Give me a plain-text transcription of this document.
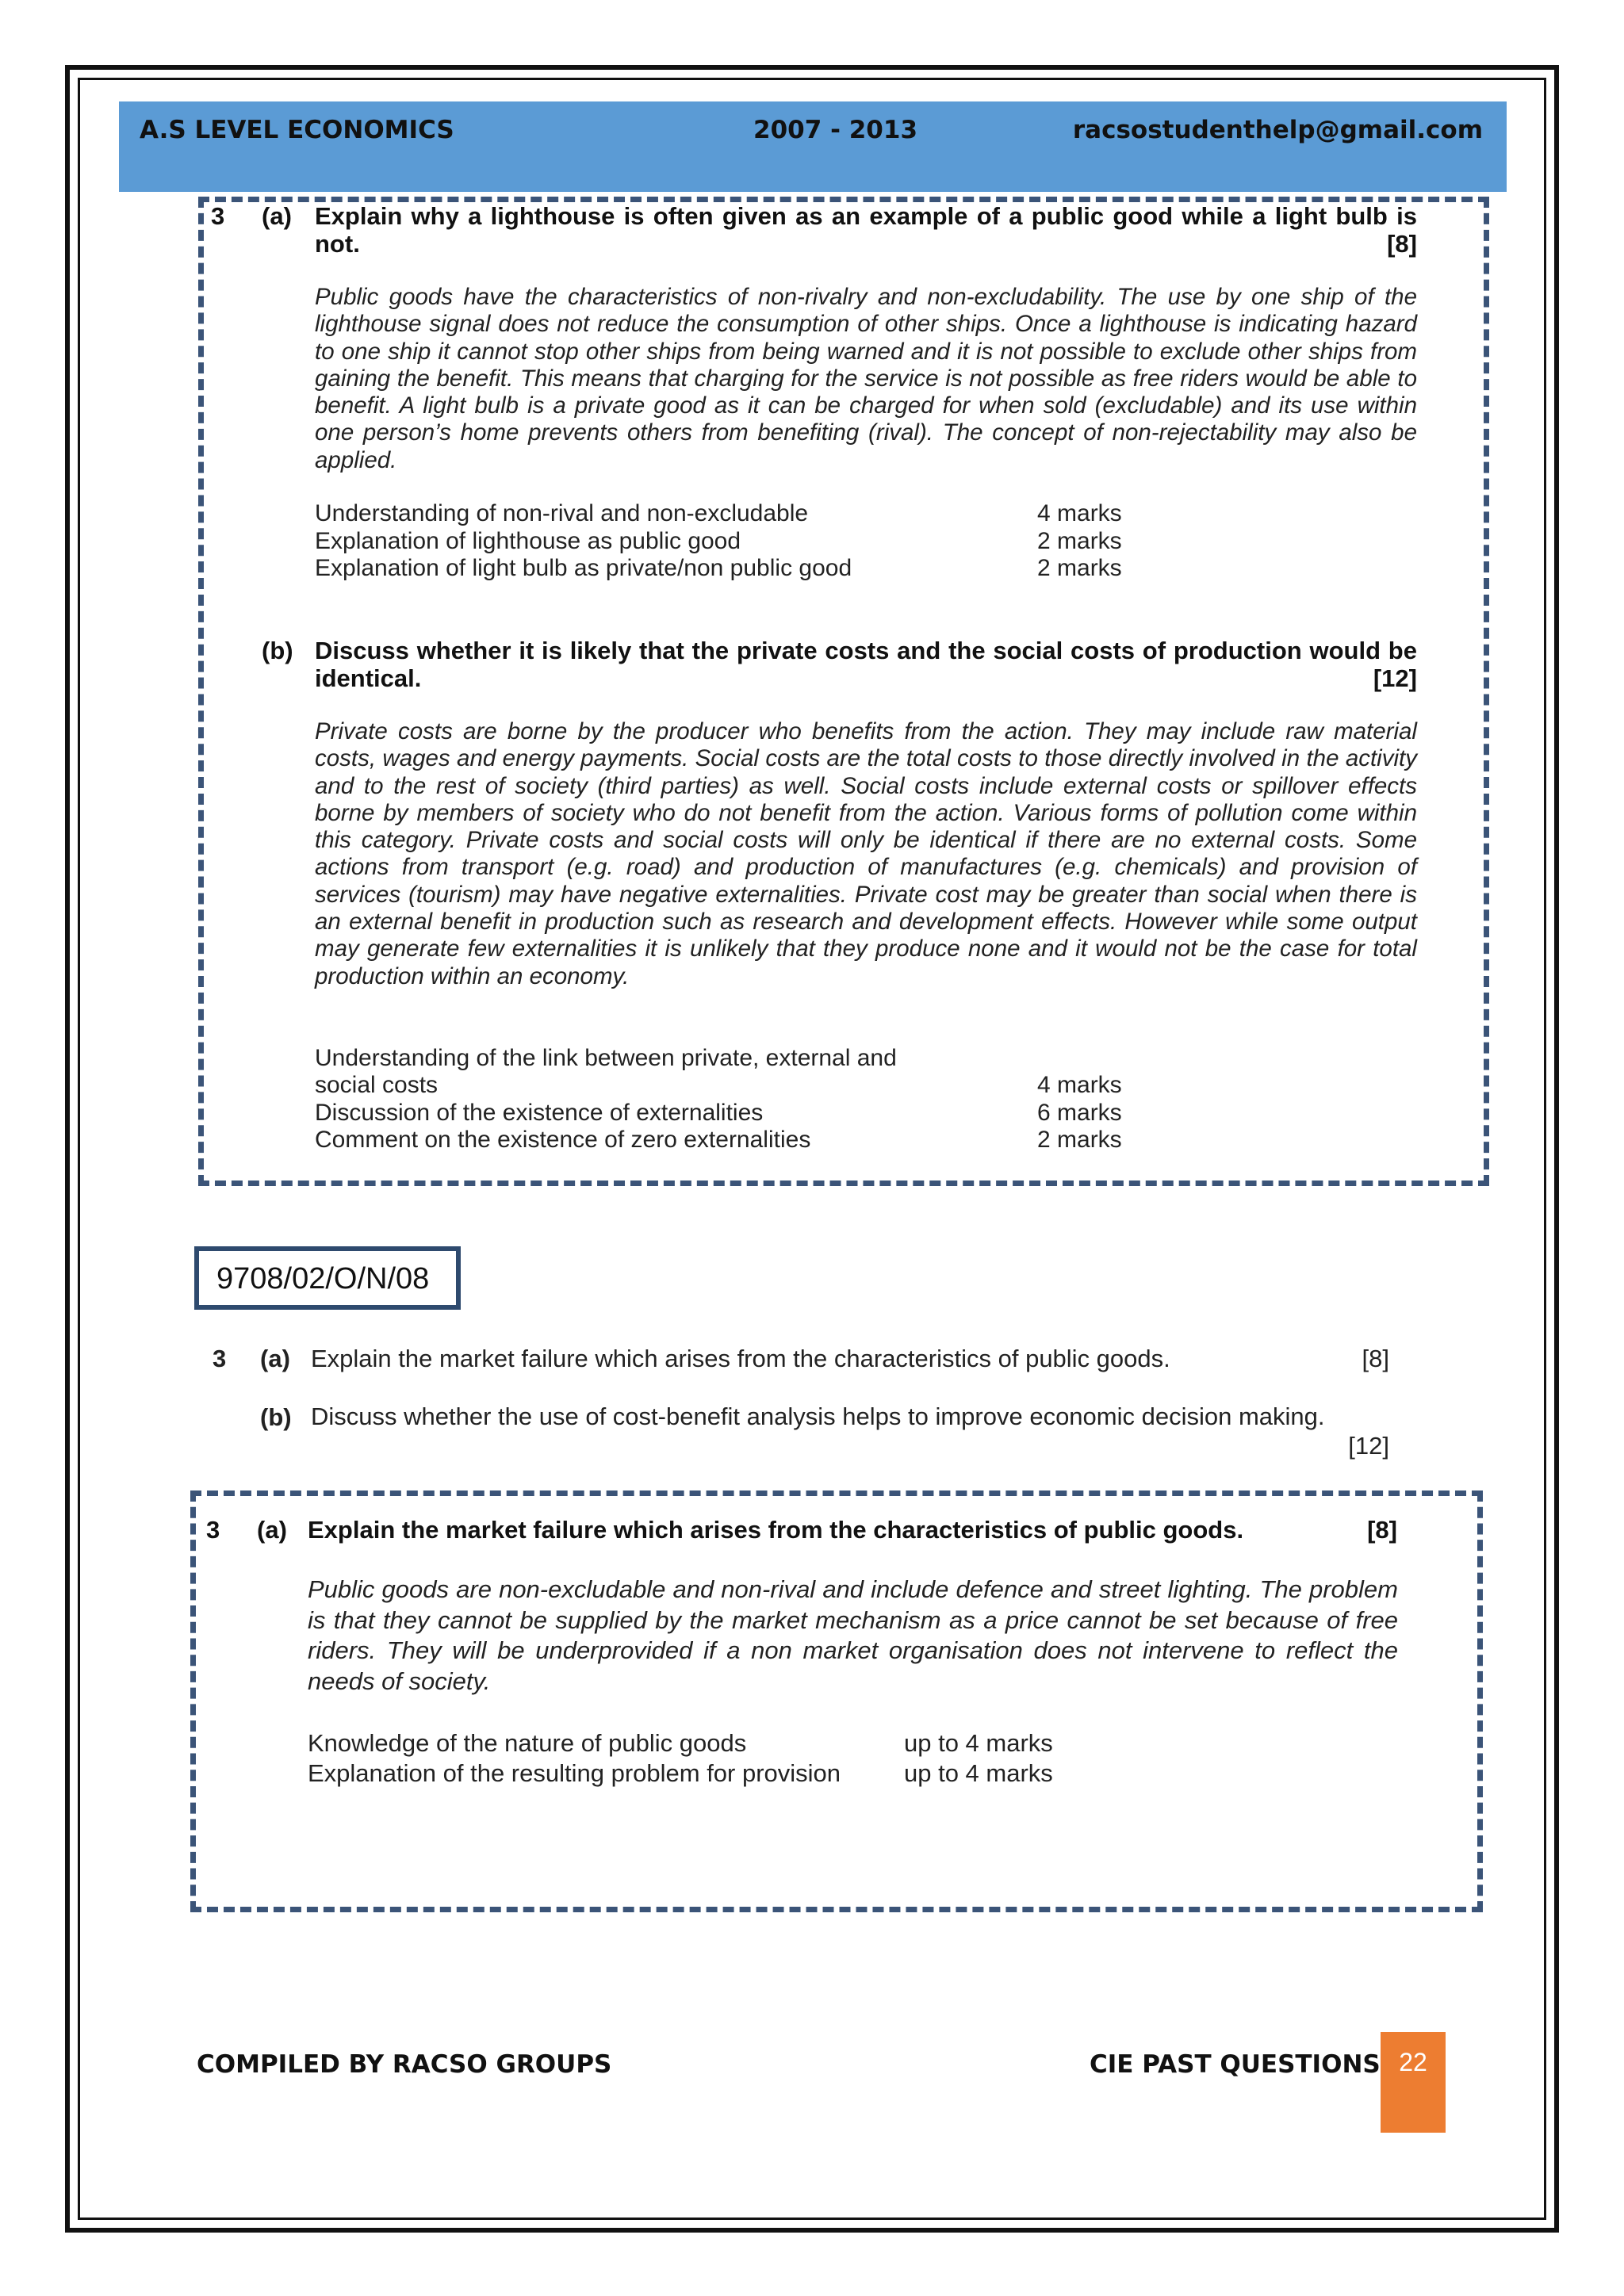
A.S LEVEL ECONOMICS	2007 - 2013	racsostudenthelp@gmail.com
3 (a) Explain why a lighthouse is often given as an example of a public good while a light bulb is not.	[8]
Public goods have the characteristics of non-rivalry and non-excludability. The use by one ship of the lighthouse signal does not reduce the consumption of other ships. Once a lighthouse is indicating hazard to one ship it cannot stop other ships from being warned and it is not possible to exclude other ships from gaining the benefit. This means that charging for the service is not possible as free riders would be able to benefit. A light bulb is a private good as it can be charged for when sold (excludable) and its use within one person’s home prevents others from benefiting (rival). The concept of non-rejectability may also be applied.
Understanding of non-rival and non-excludable	4 marks
Explanation of lighthouse as public good	2 marks
Explanation of light bulb as private/non public good	2 marks
(b) Discuss whether it is likely that the private costs and the social costs of production would be identical.	[12]
Private costs are borne by the producer who benefits from the action. They may include raw material costs, wages and energy payments. Social costs are the total costs to those directly involved in the activity and to the rest of society (third parties) as well. Social costs include external costs or spillover effects borne by members of society who do not benefit from the action. Various forms of pollution come within this category. Private costs and social costs will only be identical if there are no external costs. Some actions from transport (e.g. road) and production of manufactures (e.g. chemicals) and provision of services (tourism) may have negative externalities. Private cost may be greater than social when there is an external benefit in production such as research and development effects. However while some output may generate few externalities it is unlikely that they produce none and it would not be the case for total production within an economy.
Understanding of the link between private, external and
social costs	4 marks
Discussion of the existence of externalities	6 marks
Comment on the existence of zero externalities	2 marks
9708/02/O/N/08
3 (a) Explain the market failure which arises from the characteristics of public goods.	[8]
(b) Discuss whether the use of cost-benefit analysis helps to improve economic decision making.
[12]
3 (a) Explain the market failure which arises from the characteristics of public goods.	[8]
Public goods are non-excludable and non-rival and include defence and street lighting. The problem is that they cannot be supplied by the market mechanism as a price cannot be set because of free riders. They will be underprovided if a non market organisation does not intervene to reflect the needs of society.
Knowledge of the nature of public goods	up to 4 marks
Explanation of the resulting problem for provision	up to 4 marks
COMPILED BY RACSO GROUPS	CIE PAST QUESTIONS 22
